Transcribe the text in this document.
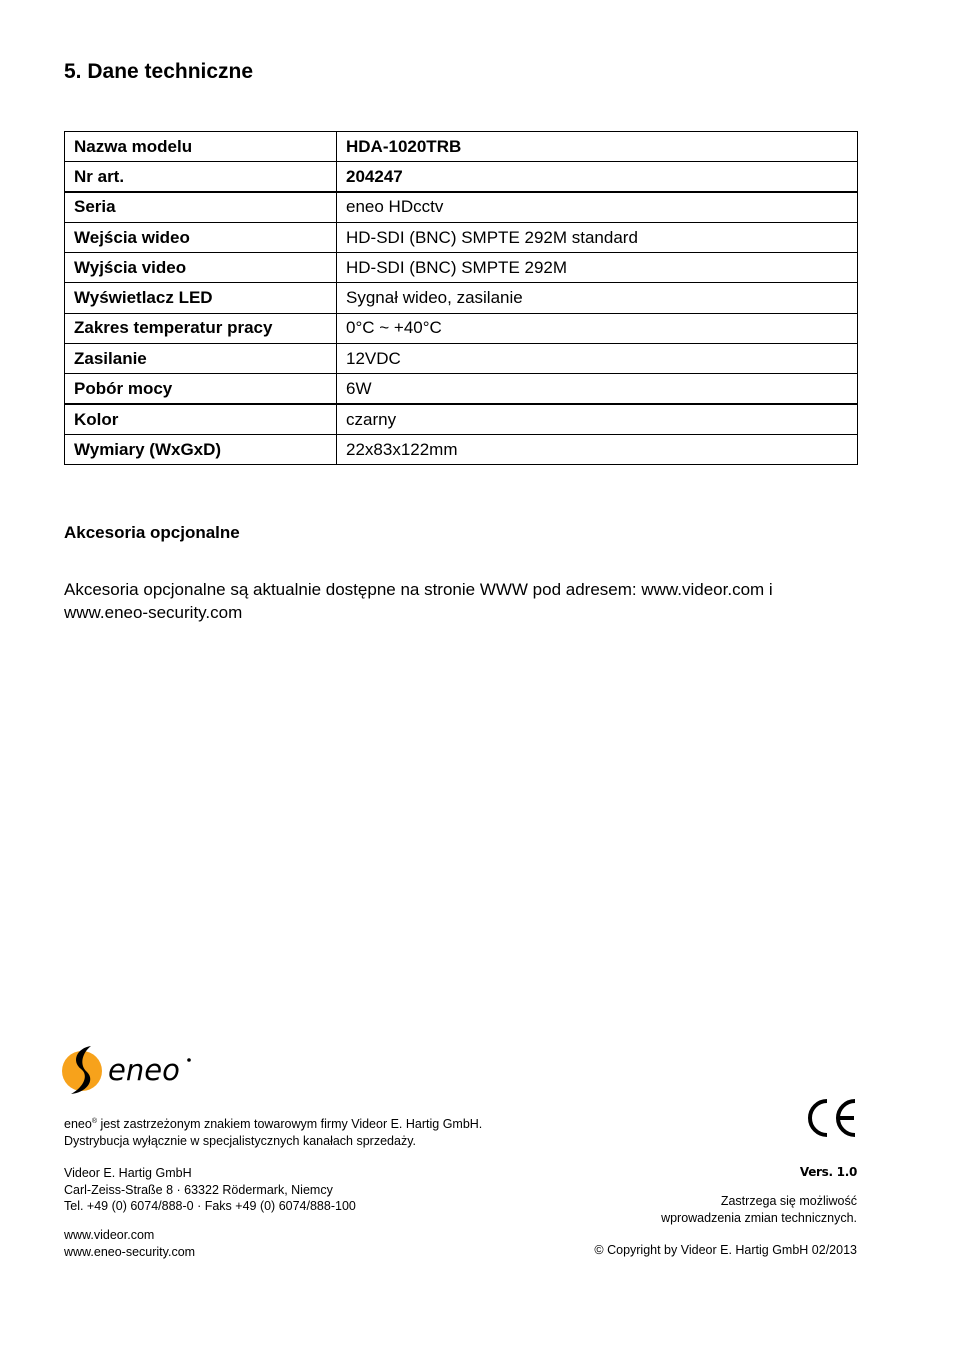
5. Dane techniczne
Nazwa modelu	HDA-1020TRB
Nr art.	204247
Seria	eneo HDcctv
Wejścia wideo	HD-SDI (BNC) SMPTE 292M standard
Wyjścia video	HD-SDI (BNC) SMPTE 292M
Wyświetlacz LED	Sygnał wideo, zasilanie
Zakres temperatur pracy	0°C ~ +40°C
Zasilanie	12VDC
Pobór mocy	6W
Kolor	czarny
Wymiary (WxGxD)	22x83x122mm
Akcesoria opcjonalne

Akcesoria opcjonalne są aktualnie dostępne na stronie WWW pod adresem: www.videor.com i www.eneo-security.com

eneo

eneo® jest zastrzeżonym znakiem towarowym firmy Videor E. Hartig GmbH.
Dystrybucja wyłącznie w specjalistycznych kanałach sprzedaży.

Videor E. Hartig GmbH
Carl-Zeiss-Straße 8 · 63322 Rödermark, Niemcy
Tel. +49 (0) 6074/888-0 · Faks +49 (0) 6074/888-100

www.videor.com
www.eneo-security.com

Vers. 1.0

Zastrzega się możliwość
wprowadzenia zmian technicznych.

© Copyright by Videor E. Hartig GmbH 02/2013
